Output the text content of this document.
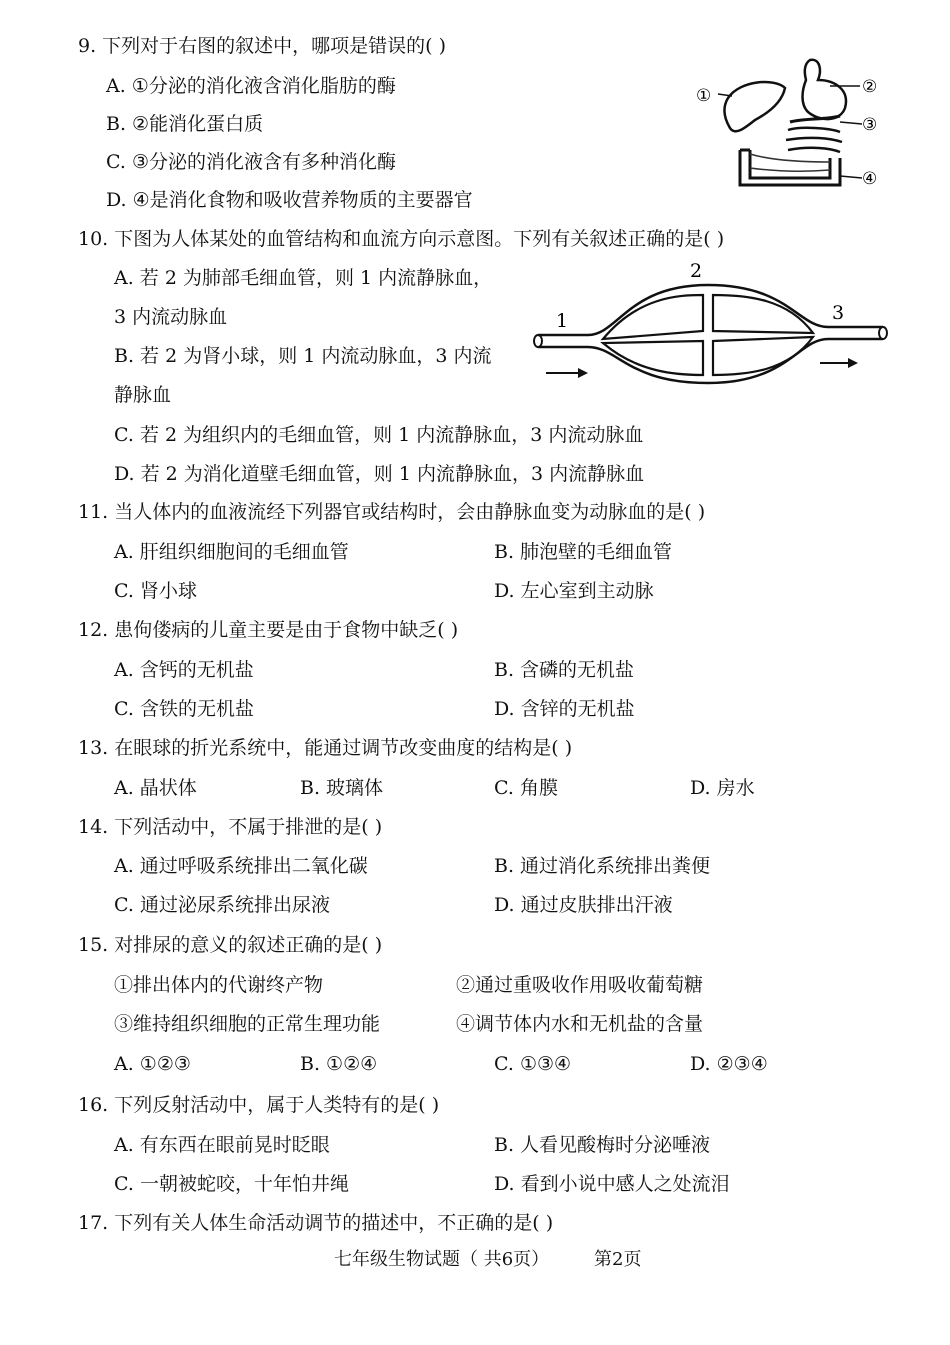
9. 下列对于右图的叙述中，哪项是错误的( )
A. ①分泌的消化液含消化脂肪的酶
B. ②能消化蛋白质
C. ③分泌的消化液含有多种消化酶
D. ④是消化食物和吸收营养物质的主要器官
①	②
③
④
10. 下图为人体某处的血管结构和血流方向示意图。下列有关叙述正确的是( )
A. 若 2 为肺部毛细血管，则 1 内流静脉血，
3 内流动脉血
B. 若 2 为肾小球，则 1 内流动脉血，3 内流
静脉血
C. 若 2 为组织内的毛细血管，则 1 内流静脉血，3 内流动脉血
D. 若 2 为消化道壁毛细血管，则 1 内流静脉血，3 内流静脉血
1
2
3
11. 当人体内的血液流经下列器官或结构时，会由静脉血变为动脉血的是( )
A. 肝组织细胞间的毛细血管	B. 肺泡壁的毛细血管
C. 肾小球	D. 左心室到主动脉
12. 患佝偻病的儿童主要是由于食物中缺乏( )
A. 含钙的无机盐	B. 含磷的无机盐
C. 含铁的无机盐	D. 含锌的无机盐
13. 在眼球的折光系统中，能通过调节改变曲度的结构是( )
A. 晶状体	B. 玻璃体	C. 角膜	D. 房水
14. 下列活动中，不属于排泄的是( )
A. 通过呼吸系统排出二氧化碳	B. 通过消化系统排出粪便
C. 通过泌尿系统排出尿液	D. 通过皮肤排出汗液
15. 对排尿的意义的叙述正确的是( )
①排出体内的代谢终产物	②通过重吸收作用吸收葡萄糖
③维持组织细胞的正常生理功能	④调节体内水和无机盐的含量
A. ①②③	B. ①②④	C. ①③④	D. ②③④
16. 下列反射活动中，属于人类特有的是( )
A. 有东西在眼前晃时眨眼	B. 人看见酸梅时分泌唾液
C. 一朝被蛇咬，十年怕井绳	D. 看到小说中感人之处流泪
17. 下列有关人体生命活动调节的描述中，不正确的是( )
七年级生物试题（ 共6页） 第2页
